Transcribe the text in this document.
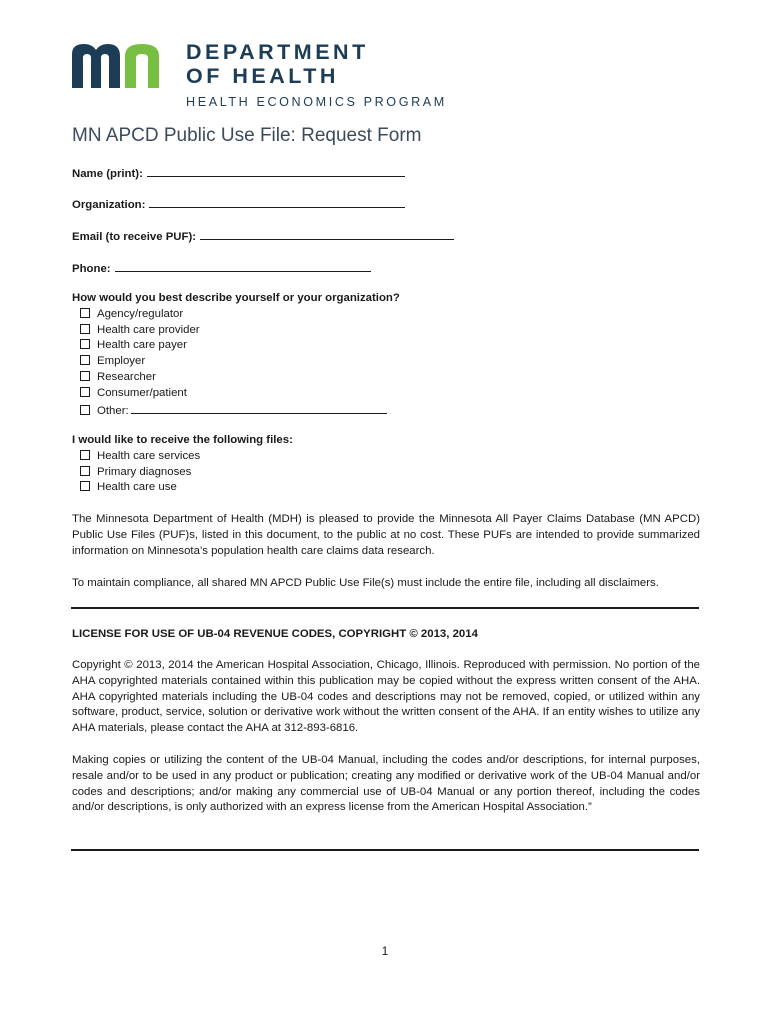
DEPARTMENT
OF HEALTH
HEALTH ECONOMICS PROGRAM
MN APCD Public Use File: Request Form
Name (print):
Organization:
Email (to receive PUF):
Phone:
How would you best describe yourself or your organization?
Agency/regulator
Health care provider
Health care payer
Employer
Researcher
Consumer/patient
Other:
I would like to receive the following files:
Health care services
Primary diagnoses
Health care use

The Minnesota Department of Health (MDH) is pleased to provide the Minnesota All Payer Claims Database (MN APCD) Public Use Files (PUF)s, listed in this document, to the public at no cost. These PUFs are intended to provide summarized information on Minnesota’s population health care claims data research.

To maintain compliance, all shared MN APCD Public Use File(s) must include the entire file, including all disclaimers.

LICENSE FOR USE OF UB-04 REVENUE CODES, COPYRIGHT © 2013, 2014

Copyright © 2013, 2014 the American Hospital Association, Chicago, Illinois. Reproduced with permission. No portion of the AHA copyrighted materials contained within this publication may be copied without the express written consent of the AHA. AHA copyrighted materials including the UB-04 codes and descriptions may not be removed, copied, or utilized within any software, product, service, solution or derivative work without the written consent of the AHA. If an entity wishes to utilize any AHA materials, please contact the AHA at 312-893-6816.

Making copies or utilizing the content of the UB-04 Manual, including the codes and/or descriptions, for internal purposes, resale and/or to be used in any product or publication; creating any modified or derivative work of the UB-04 Manual and/or codes and descriptions; and/or making any commercial use of UB-04 Manual or any portion thereof, including the codes and/or descriptions, is only authorized with an express license from the American Hospital Association.”

1
